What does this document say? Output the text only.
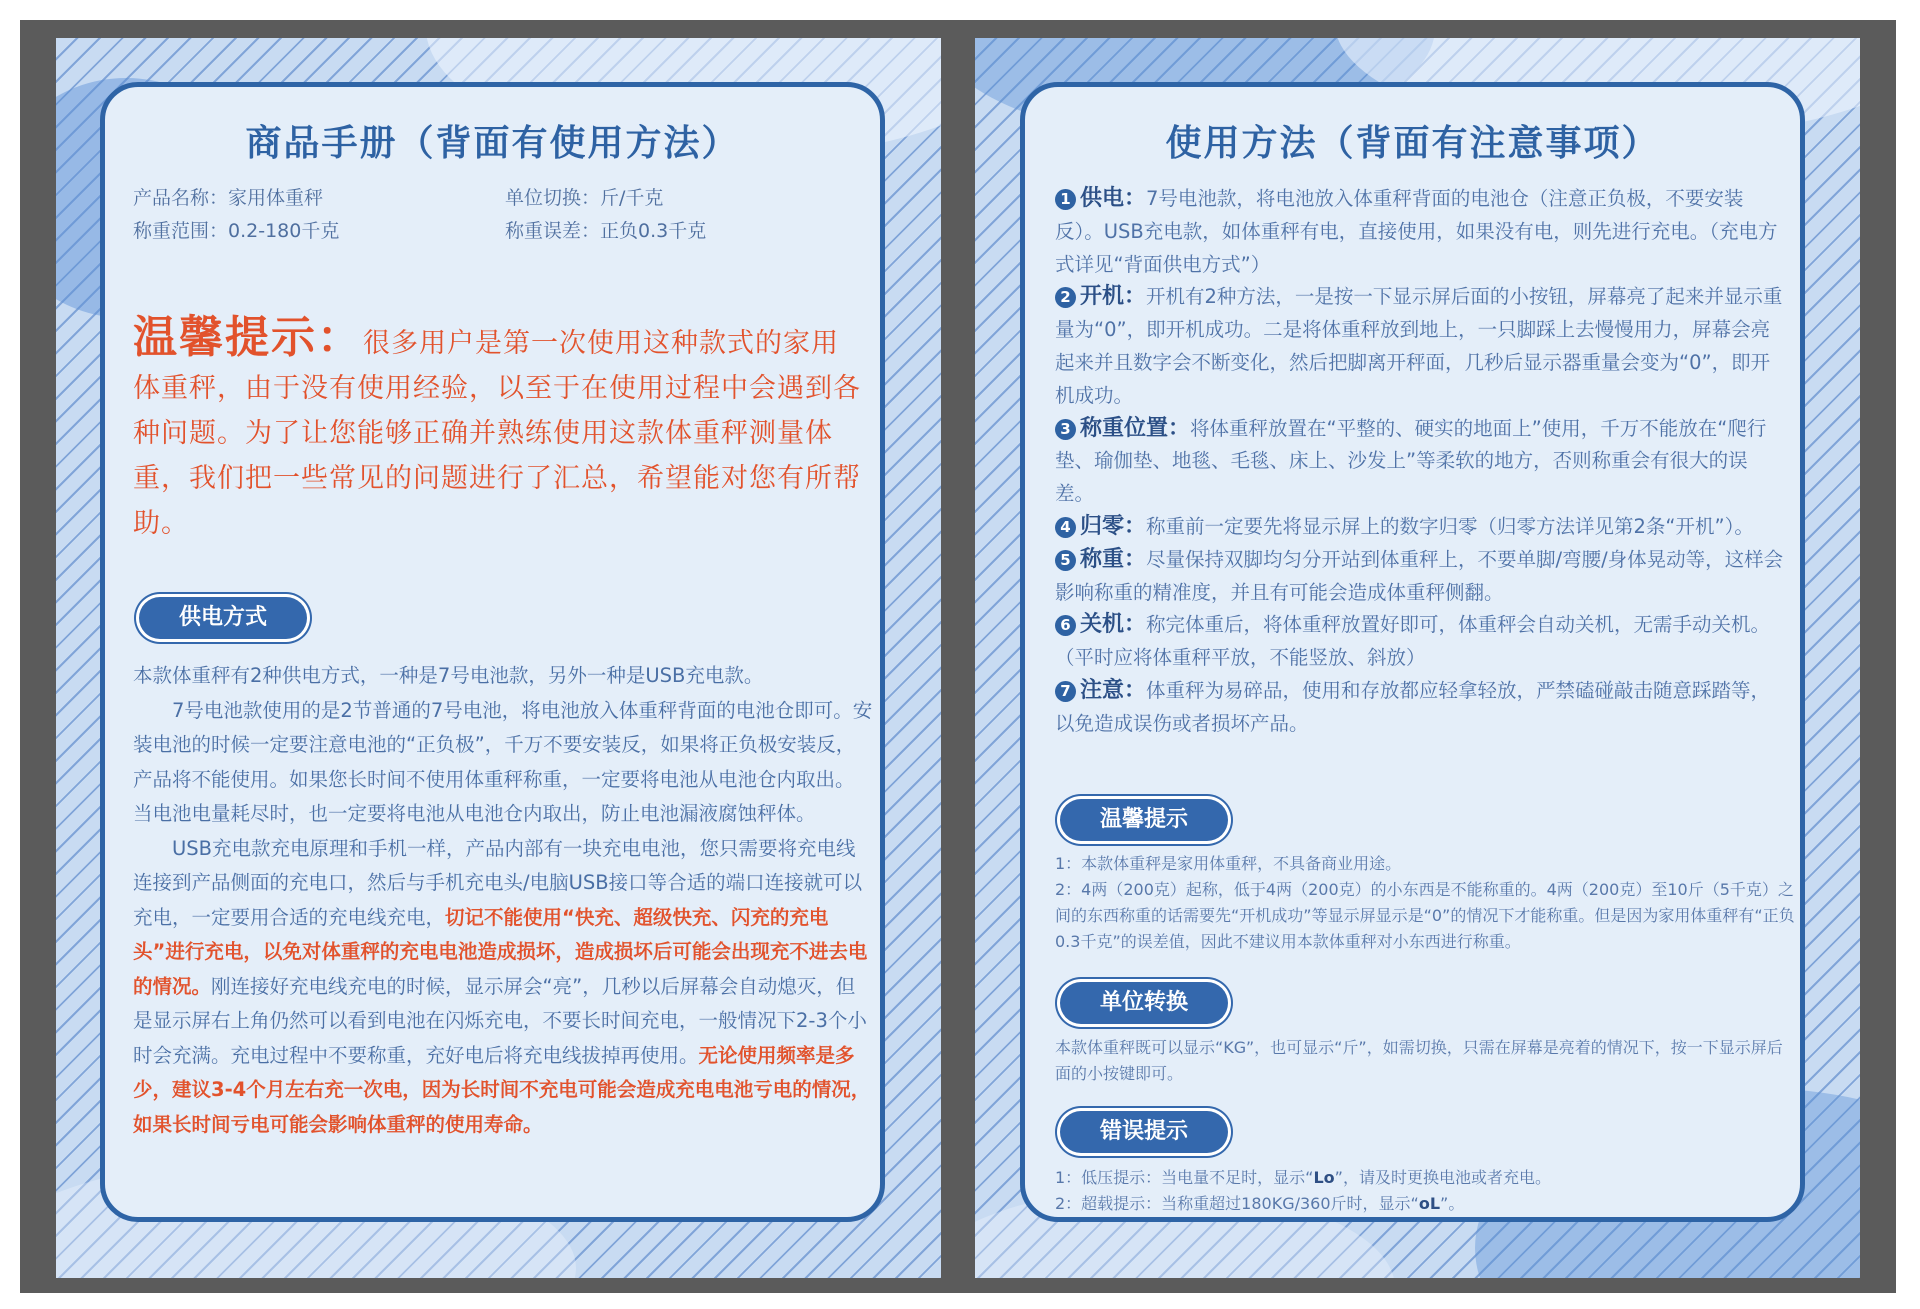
商品手册（背面有使用方法）
产品名称：家用体重秤	单位切换：斤/千克
称重范围：0.2-180千克	称重误差：正负0.3千克
温馨提示：很多用户是第一次使用这种款式的家用体重秤，由于没有使用经验，以至于在使用过程中会遇到各种问题。为了让您能够正确并熟练使用这款体重秤测量体重，我们把一些常见的问题进行了汇总，希望能对您有所帮助。
供电方式

本款体重秤有2种供电方式，一种是7号电池款，另外一种是USB充电款。

7号电池款使用的是2节普通的7号电池，将电池放入体重秤背面的电池仓即可。安装电池的时候一定要注意电池的“正负极”，千万不要安装反，如果将正负极安装反，产品将不能使用。如果您长时间不使用体重秤称重，一定要将电池从电池仓内取出。当电池电量耗尽时，也一定要将电池从电池仓内取出，防止电池漏液腐蚀秤体。

USB充电款充电原理和手机一样，产品内部有一块充电电池，您只需要将充电线连接到产品侧面的充电口，然后与手机充电头/电脑USB接口等合适的端口连接就可以充电，一定要用合适的充电线充电，切记不能使用“快充、超级快充、闪充的充电头”进行充电，以免对体重秤的充电电池造成损坏，造成损坏后可能会出现充不进去电的情况。刚连接好充电线充电的时候，显示屏会“亮”，几秒以后屏幕会自动熄灭，但是显示屏右上角仍然可以看到电池在闪烁充电，不要长时间充电，一般情况下2-3个小时会充满。充电过程中不要称重，充好电后将充电线拔掉再使用。无论使用频率是多少，建议3-4个月左右充一次电，因为长时间不充电可能会造成充电电池亏电的情况，如果长时间亏电可能会影响体重秤的使用寿命。

使用方法（背面有注意事项）

1 供电：7号电池款，将电池放入体重秤背面的电池仓（注意正负极，不要安装反）。USB充电款，如体重秤有电，直接使用，如果没有电，则先进行充电。（充电方式详见“背面供电方式”）

2 开机：开机有2种方法，一是按一下显示屏后面的小按钮，屏幕亮了起来并显示重量为“0”，即开机成功。二是将体重秤放到地上，一只脚踩上去慢慢用力，屏幕会亮起来并且数字会不断变化，然后把脚离开秤面，几秒后显示器重量会变为“0”，即开机成功。

3 称重位置：将体重秤放置在“平整的、硬实的地面上”使用，千万不能放在“爬行垫、瑜伽垫、地毯、毛毯、床上、沙发上”等柔软的地方，否则称重会有很大的误差。

4 归零：称重前一定要先将显示屏上的数字归零（归零方法详见第2条“开机”）。

5 称重：尽量保持双脚均匀分开站到体重秤上，不要单脚/弯腰/身体晃动等，这样会影响称重的精准度，并且有可能会造成体重秤侧翻。

6 关机：称完体重后，将体重秤放置好即可，体重秤会自动关机，无需手动关机。（平时应将体重秤平放，不能竖放、斜放）

7 注意：体重秤为易碎品，使用和存放都应轻拿轻放，严禁磕碰敲击随意踩踏等，以免造成误伤或者损坏产品。

温馨提示

1：本款体重秤是家用体重秤，不具备商业用途。

2：4两（200克）起称，低于4两（200克）的小东西是不能称重的。4两（200克）至10斤（5千克）之间的东西称重的话需要先“开机成功”等显示屏显示是“0”的情况下才能称重。但是因为家用体重秤有“正负0.3千克”的误差值，因此不建议用本款体重秤对小东西进行称重。

单位转换

本款体重秤既可以显示“KG”，也可显示“斤”，如需切换，只需在屏幕是亮着的情况下，按一下显示屏后面的小按键即可。

错误提示

1：低压提示：当电量不足时，显示“Lo”，请及时更换电池或者充电。

2：超载提示：当称重超过180KG/360斤时，显示“oL”。
